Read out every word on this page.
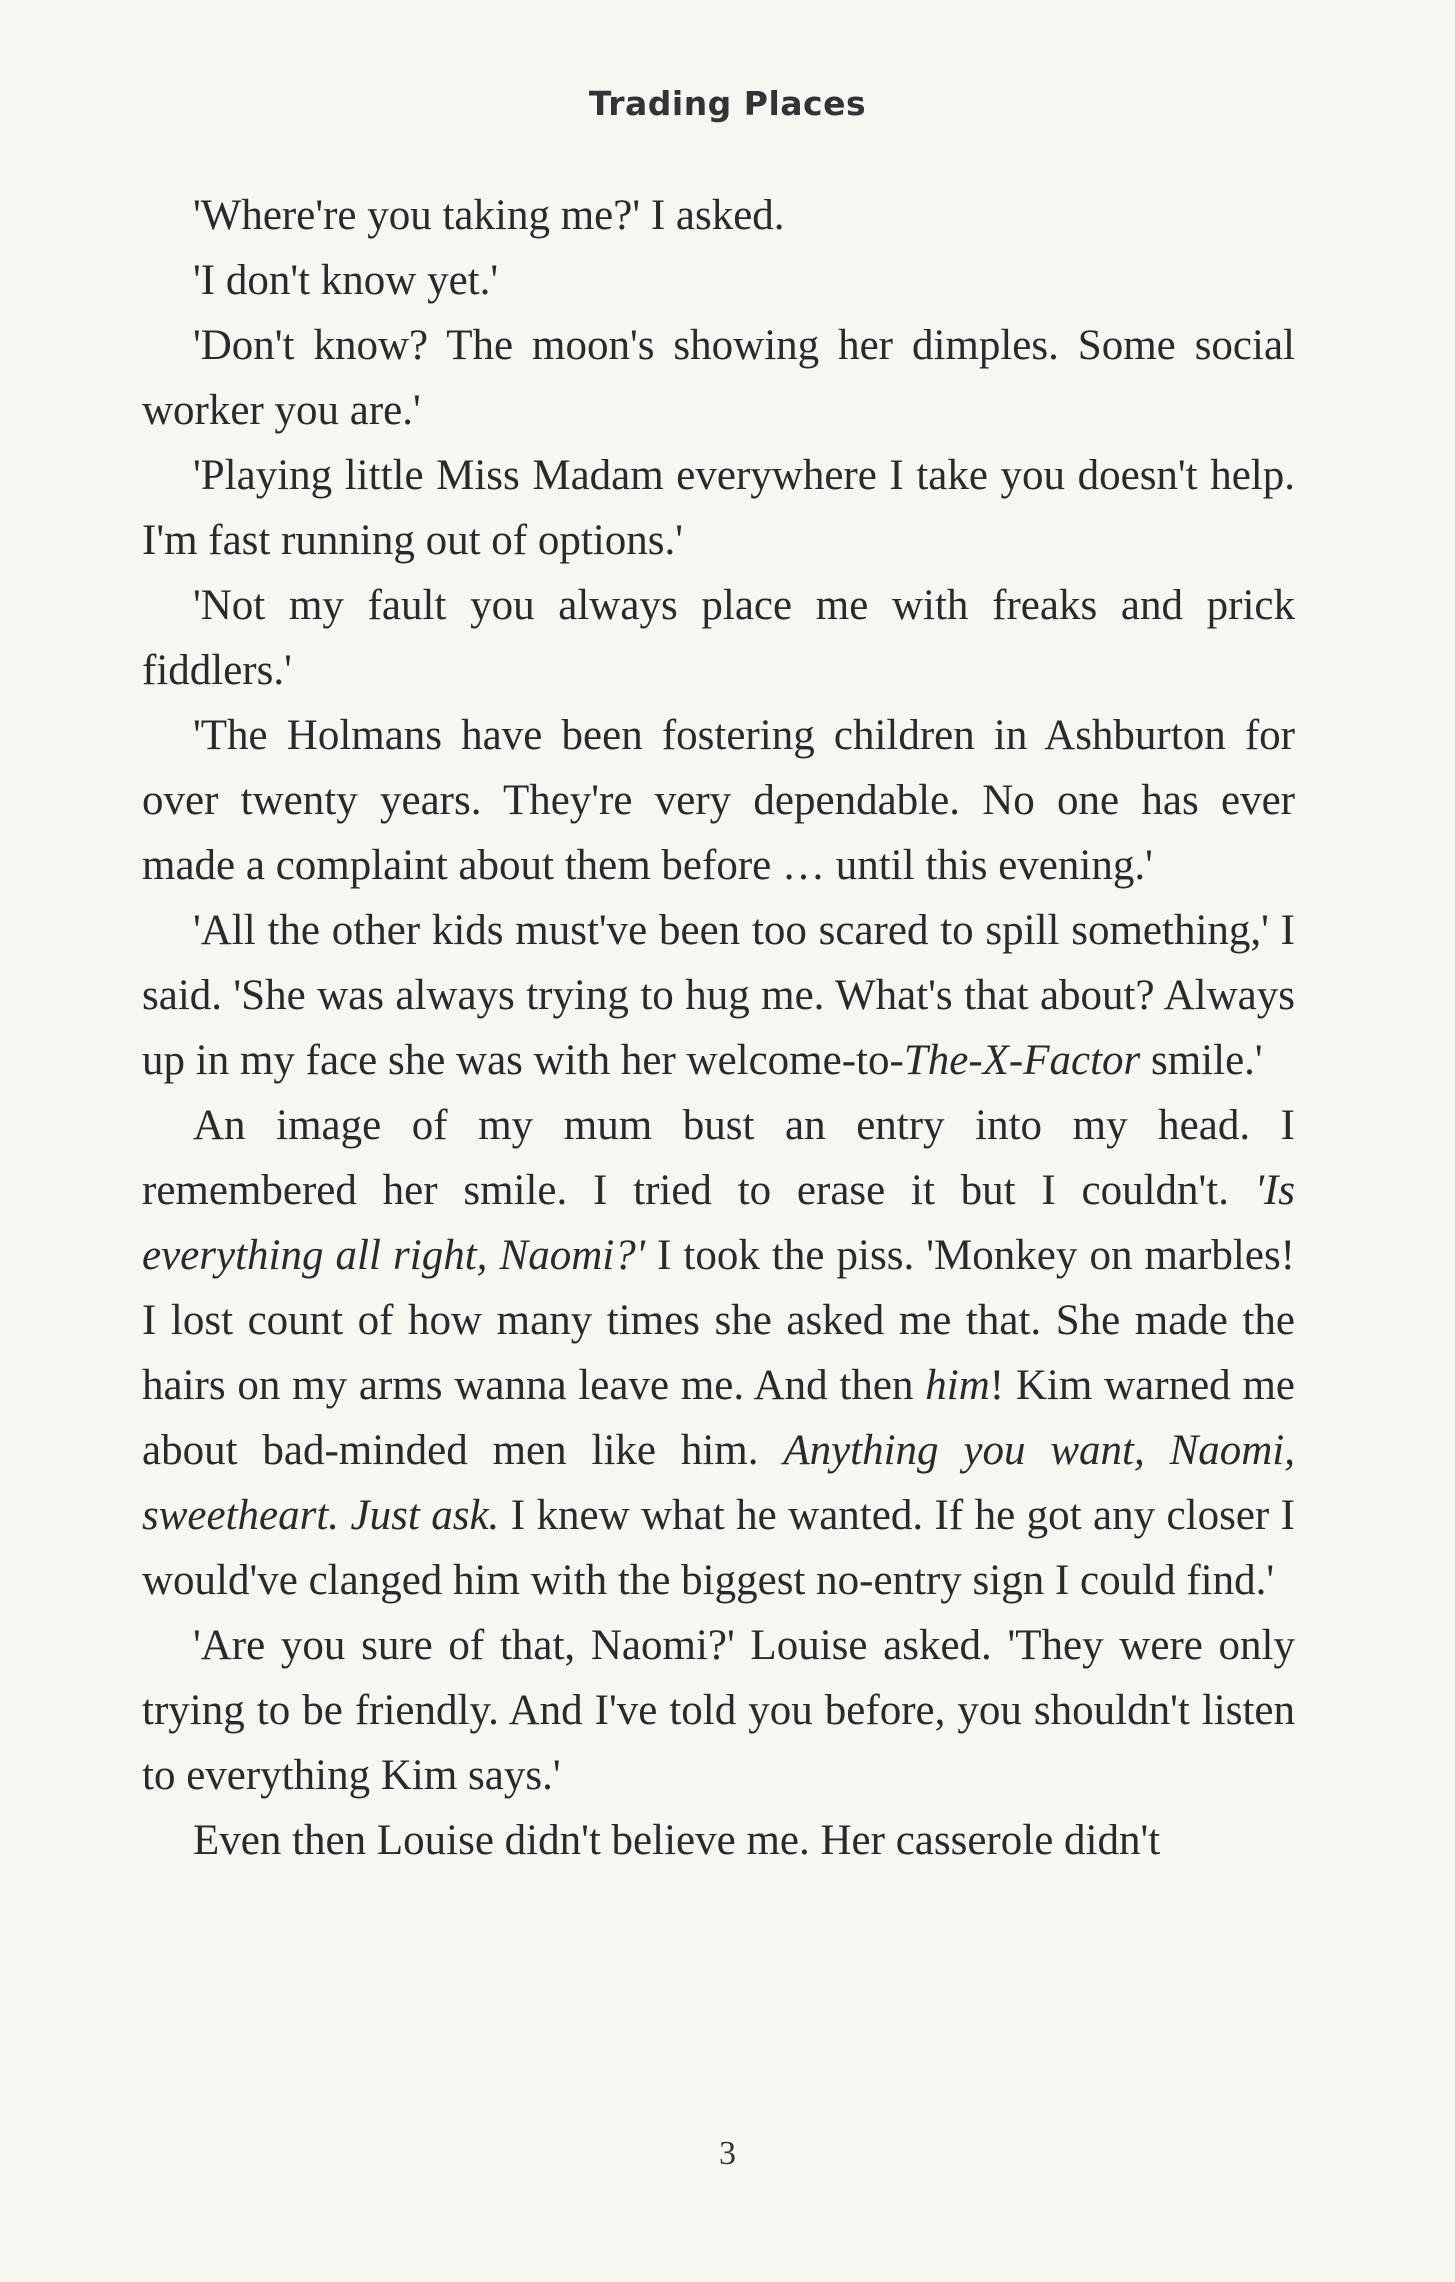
Trading Places

'Where're you taking me?' I asked.

'I don't know yet.'

'Don't know? The moon's showing her dimples. Some social worker you are.'

'Playing little Miss Madam everywhere I take you doesn't help. I'm fast running out of options.'

'Not my fault you always place me with freaks and prick fiddlers.'

'The Holmans have been fostering children in Ashburton for over twenty years. They're very dependable. No one has ever made a complaint about them before … until this evening.'

'All the other kids must've been too scared to spill something,' I said. 'She was always trying to hug me. What's that about? Always up in my face she was with her welcome-to-The-X-Factor smile.'

An image of my mum bust an entry into my head. I remembered her smile. I tried to erase it but I couldn't. 'Is everything all right, Naomi?' I took the piss. 'Monkey on marbles! I lost count of how many times she asked me that. She made the hairs on my arms wanna leave me. And then him! Kim warned me about bad-minded men like him. Anything you want, Naomi, sweetheart. Just ask. I knew what he wanted. If he got any closer I would've clanged him with the biggest no-entry sign I could find.'

'Are you sure of that, Naomi?' Louise asked. 'They were only trying to be friendly. And I've told you before, you shouldn't listen to everything Kim says.'

Even then Louise didn't believe me. Her casserole didn't

3
